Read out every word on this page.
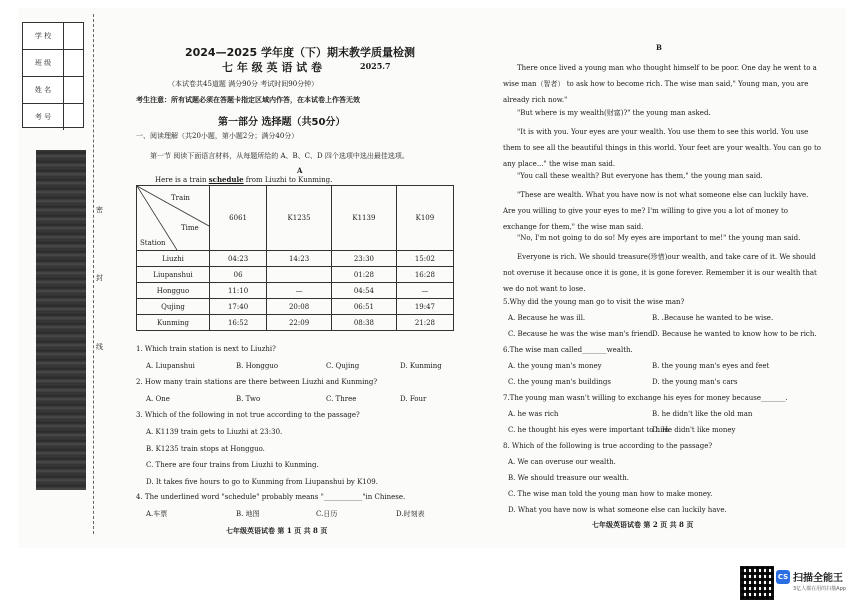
学 校
班 级
姓 名
考 号
密
封
线
2024—2025 学年度（下）期末教学质量检测
七 年 级 英 语 试 卷	2025.7
（本试卷共45道题 满分90分 考试时间90分钟）
考生注意：所有试题必须在答题卡指定区域内作答，在本试卷上作答无效
第一部分 选择题（共50分）
一、阅读理解（共20小题，第小题2分；满分40分）
第一节 阅读下面语言材料，从每题所给的 A、B、C、D 四个选项中选出最佳选项。
A
Here is a train schedule from Liuzhi to Kunming.
Train
Time
Station	6061	K1235	K1139	K109
Liuzhi	04:23	14:23	23:30	15:02
Liupanshui	06		01:28	16:28
Hongguo	11:10	—	04:54	—
Qujing	17:40	20:08	06:51	19:47
Kunming	16:52	22:09	08:38	21:28
1. Which train station is next to Liuzhi?
A. Liupanshui	B. Hongguo	C. Qujing	D. Kunming
2. How many train stations are there between Liuzhi and Kunming?
A. One	B. Two	C. Three	D. Four
3. Which of the following in not true according to the passage?
A. K1139 train gets to Liuzhi at 23:30.
B. K1235 train stops at Hongguo.
C. There are four trains from Liuzhi to Kunming.
D. It takes five hours to go to Kunming from Liupanshui by K109.
4. The underlined word "schedule" probably means "___________"in Chinese.
A.车票	B. 地图	C.日历	D.时刻表
七年级英语试卷 第 1 页 共 8 页
B
There once lived a young man who thought himself to be poor. One day he went to a wise man（智者） to ask how to become rich. The wise man said," Young man, you are already rich now."
"But where is my wealth(财富)?" the young man asked.
"It is with you. Your eyes are your wealth. You use them to see this world. You use them to see all the beautiful things in this world. Your feet are your wealth. You can go to any place..." the wise man said.
"You call these wealth? But everyone has them," the young man said.
"These are wealth. What you have now is not what someone else can luckily have. Are you willing to give your eyes to me? I'm willing to give you a lot of money to exchange for them," the wise man said.
"No, I'm not going to do so! My eyes are important to me!" the young man said.
Everyone is rich. We should treasure(珍惜)our wealth, and take care of it. We should not overuse it because once it is gone, it is gone forever. Remember it is our wealth that we do not want to lose.
5.Why did the young man go to visit the wise man?
A. Because he was ill.	B. .Because he wanted to be wise.
C. Because he was the wise man's friend.
D. Because he wanted to know how to be rich.
6.The wise man called_______wealth.
A. the young man's money	B. the young man's eyes and feet
C. the young man's buildings	D. the young man's cars
7.The young man wasn't willing to exchange his eyes for money because_______.
A. he was rich	B. he didn't like the old man
C. he thought his eyes were important to him
D. He didn't like money
8. Which of the following is true according to the passage?
A. We can overuse our wealth.
B. We should treasure our wealth.
C. The wise man told the young man how to make money.
D. What you have now is what someone else can luckily have.
七年级英语试卷 第 2 页 共 8 页
CS 扫描全能王
3亿人都在用的扫描App
